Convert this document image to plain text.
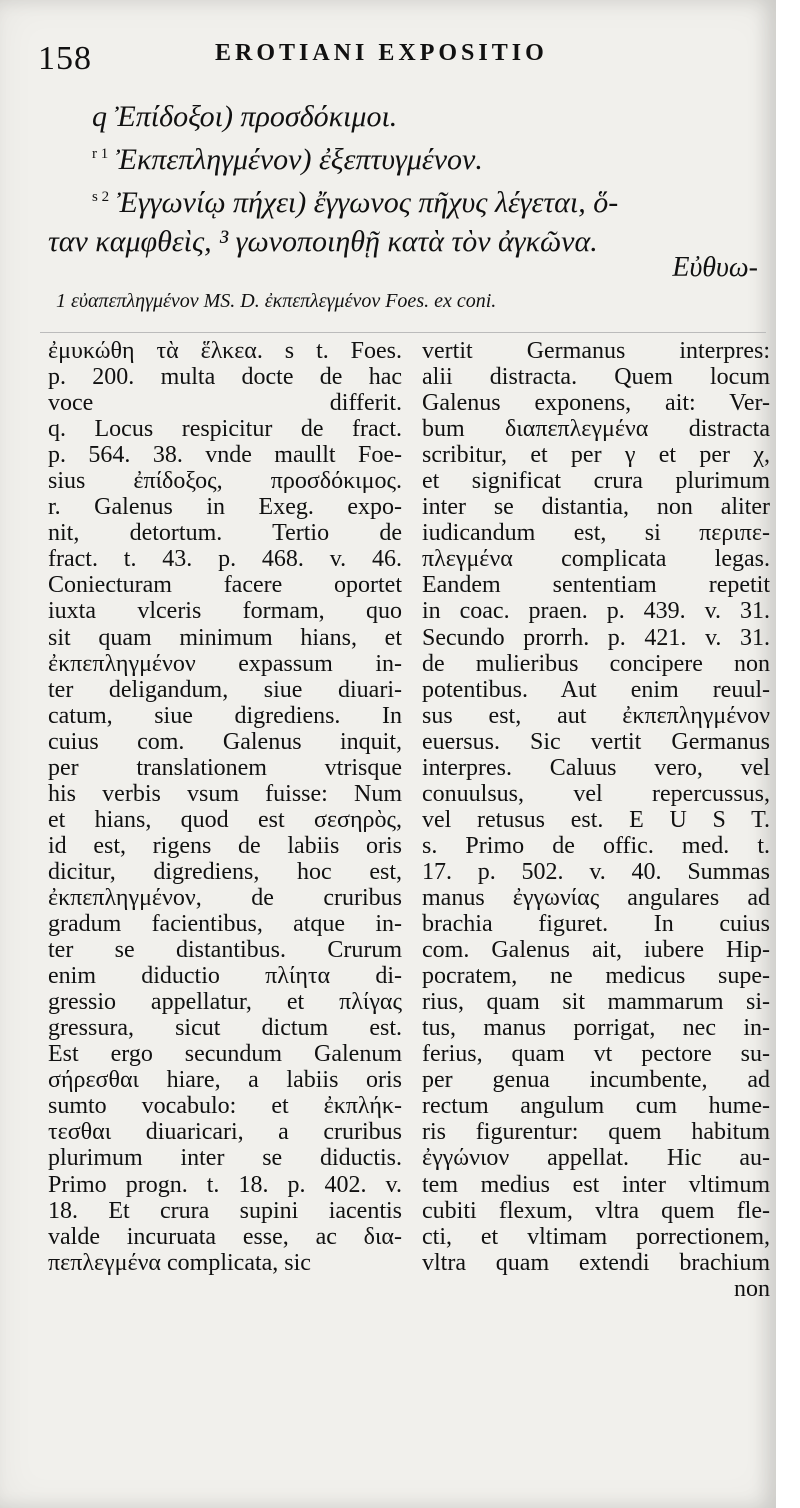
158	EROTIANI EXPOSITIO
q Ἐπίδοξοι) προσδόκιμοι.
$^{r 1}$ Ἐκπεπληγμένον) ἐξεπτυγμένον.
$^{s 2}$ Ἐγγωνίῳ πήχει) ἔγγωνος πῆχυς λέγεται, ὅ-
ταν καμφθεὶς, ³ γωνοποιηθῇ κατὰ τὸν ἀγκῶνα.
Εὐθυω-
1 εὐαπεπληγμένον MS. D. ἐκπεπλεγμένον Foes. ex coni.
ἐμυκώθη τὰ ἕλκεα. s t. Foes.
p. 200. multa docte de hac
voce differit.
q. Locus respicitur de fract.
p. 564. 38. vnde maullt Foe-
sius ἐπίδοξος, προσδόκιμος.
r. Galenus in Exeg. expo-
nit, detortum. Tertio de
fract. t. 43. p. 468. v. 46.
Coniecturam facere oportet
iuxta vlceris formam, quo
sit quam minimum hians, et
ἐκπεπληγμένον expassum in-
ter deligandum, siue diuari-
catum, siue digrediens. In
cuius com. Galenus inquit,
per translationem vtrisque
his verbis vsum fuisse: Num
et hians, quod est σεσηρὸς,
id est, rigens de labiis oris
dicitur, digrediens, hoc est,
ἐκπεπληγμένον, de cruribus
gradum facientibus, atque in-
ter se distantibus. Crurum
enim diductio πλίητα di-
gressio appellatur, et πλίγας
gressura, sicut dictum est.
Est ergo secundum Galenum
σήρεσθαι hiare, a labiis oris
sumto vocabulo: et ἐκπλήκ-
τεσθαι diuaricari, a cruribus
plurimum inter se diductis.
Primo progn. t. 18. p. 402. v.
18. Et crura supini iacentis
valde incuruata esse, ac δια-
πεπλεγμένα complicata, sic
vertit Germanus interpres:
alii distracta. Quem locum
Galenus exponens, ait: Ver-
bum διαπεπλεγμένα distracta
scribitur, et per γ et per χ,
et significat crura plurimum
inter se distantia, non aliter
iudicandum est, si περιπε-
πλεγμένα complicata legas.
Eandem sententiam repetit
in coac. praen. p. 439. v. 31.
Secundo prorrh. p. 421. v. 31.
de mulieribus concipere non
potentibus. Aut enim reuul-
sus est, aut ἐκπεπληγμένον
euersus. Sic vertit Germanus
interpres. Caluus vero, vel
conuulsus, vel repercussus,
vel retusus est. E U S T.
s. Primo de offic. med. t.
17. p. 502. v. 40. Summas
manus ἐγγωνίας angulares ad
brachia figuret. In cuius
com. Galenus ait, iubere Hip-
pocratem, ne medicus supe-
rius, quam sit mammarum si-
tus, manus porrigat, nec in-
ferius, quam vt pectore su-
per genua incumbente, ad
rectum angulum cum hume-
ris figurentur: quem habitum
ἐγγώνιον appellat. Hic au-
tem medius est inter vltimum
cubiti flexum, vltra quem fle-
cti, et vltimam porrectionem,
vltra quam extendi brachium
non
